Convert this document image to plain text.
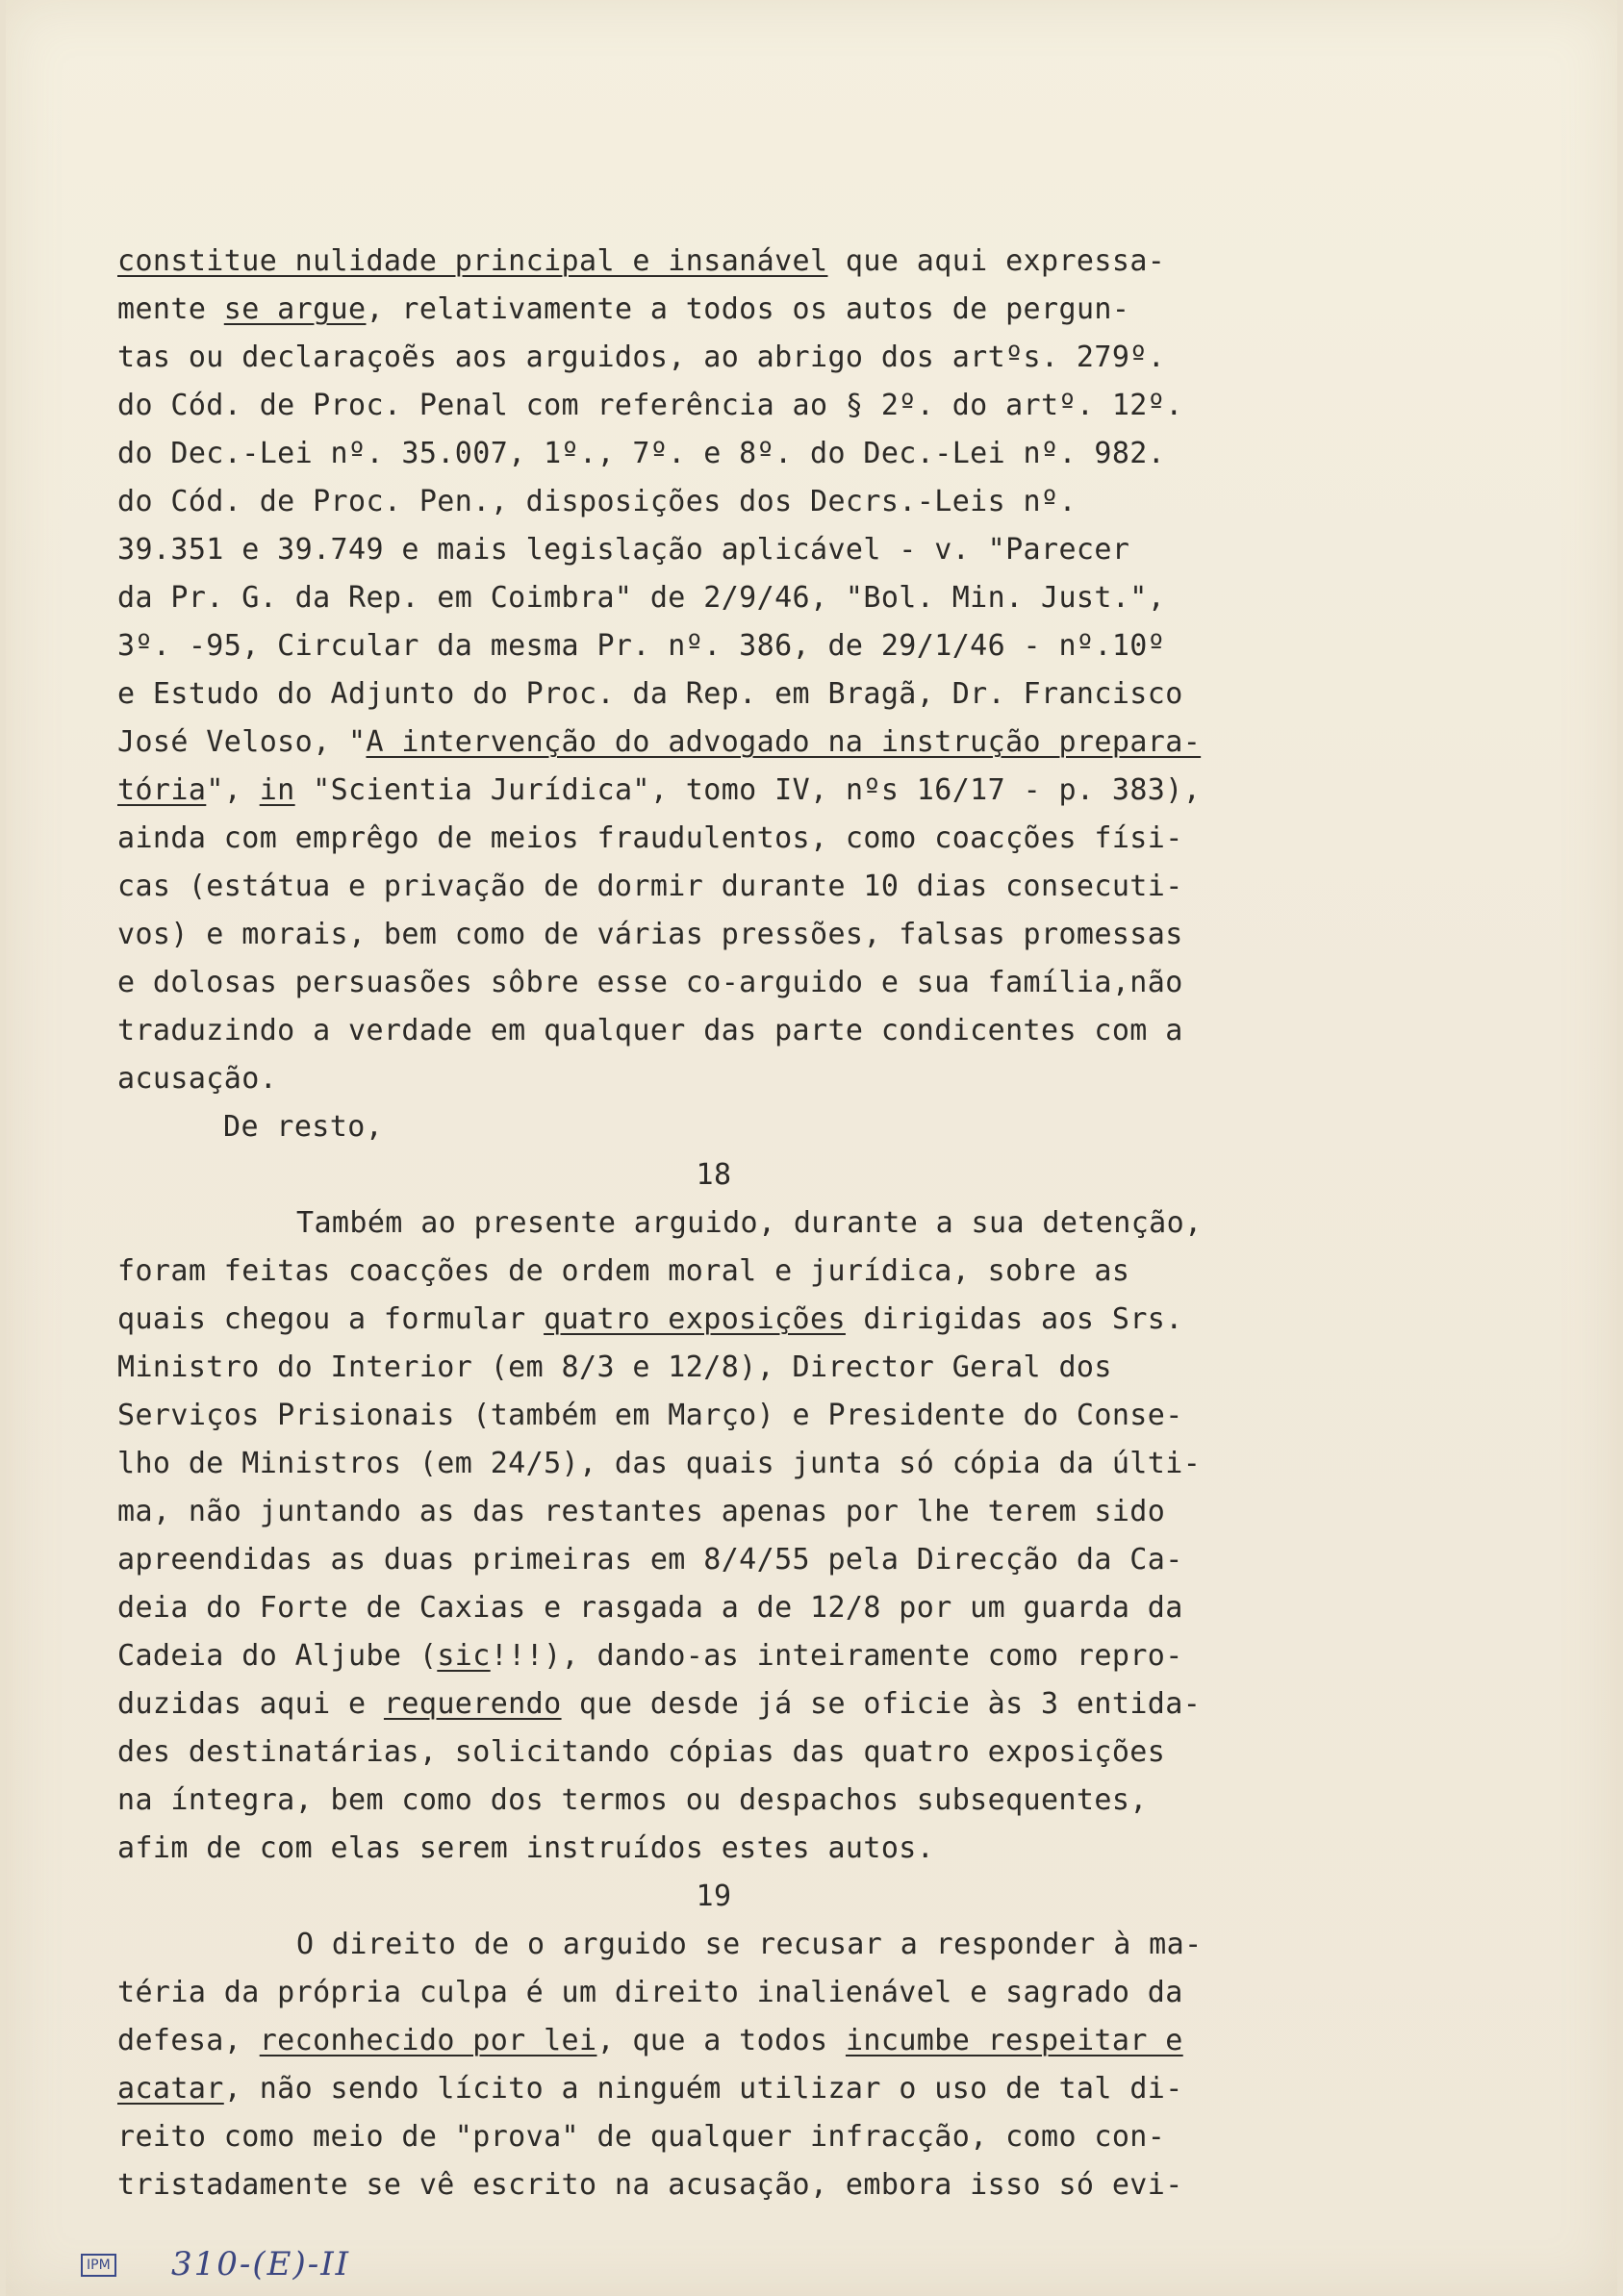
constitue nulidade principal e insanável que aqui expressa-
mente se argue, relativamente a todos os autos de pergun-
tas ou declaraçoẽs aos arguidos, ao abrigo dos artºs. 279º.
do Cód. de Proc. Penal com referência ao § 2º. do artº. 12º.
do Dec.-Lei nº. 35.007, 1º., 7º. e 8º. do Dec.-Lei nº. 982.
do Cód. de Proc. Pen., disposições dos Decrs.-Leis nº.
39.351 e 39.749 e mais legislação aplicável - v. "Parecer
da Pr. G. da Rep. em Coimbra" de 2/9/46, "Bol. Min. Just.",
3º. -95, Circular da mesma Pr. nº. 386, de 29/1/46 - nº.10º
e Estudo do Adjunto do Proc. da Rep. em Bragã, Dr. Francisco
José Veloso, "A intervenção do advogado na instrução prepara-
tória", in "Scientia Jurídica", tomo IV, nºs 16/17 - p. 383),
ainda com emprêgo de meios fraudulentos, como coacções físi-
cas (estátua e privação de dormir durante 10 dias consecuti-
vos) e morais, bem como de várias pressões, falsas promessas
e dolosas persuasões sôbre esse co-arguido e sua família,não
traduzindo a verdade em qualquer das parte condicentes com a
acusação.
De resto,
18
Também ao presente arguido, durante a sua detenção,
foram feitas coacções de ordem moral e jurídica, sobre as
quais chegou a formular quatro exposições dirigidas aos Srs.
Ministro do Interior (em 8/3 e 12/8), Director Geral dos
Serviços Prisionais (também em Março) e Presidente do Conse-
lho de Ministros (em 24/5), das quais junta só cópia da últi-
ma, não juntando as das restantes apenas por lhe terem sido
apreendidas as duas primeiras em 8/4/55 pela Direcção da Ca-
deia do Forte de Caxias e rasgada a de 12/8 por um guarda da
Cadeia do Aljube (sic!!!), dando-as inteiramente como repro-
duzidas aqui e requerendo que desde já se oficie às 3 entida-
des destinatárias, solicitando cópias das quatro exposições
na íntegra, bem como dos termos ou despachos subsequentes,
afim de com elas serem instruídos estes autos.
19
O direito de o arguido se recusar a responder à ma-
téria da própria culpa é um direito inalienável e sagrado da
defesa, reconhecido por lei, que a todos incumbe respeitar e
acatar, não sendo lícito a ninguém utilizar o uso de tal di-
reito como meio de "prova" de qualquer infracção, como con-
tristadamente se vê escrito na acusação, embora isso só evi-
IPM 310-(E)-II
